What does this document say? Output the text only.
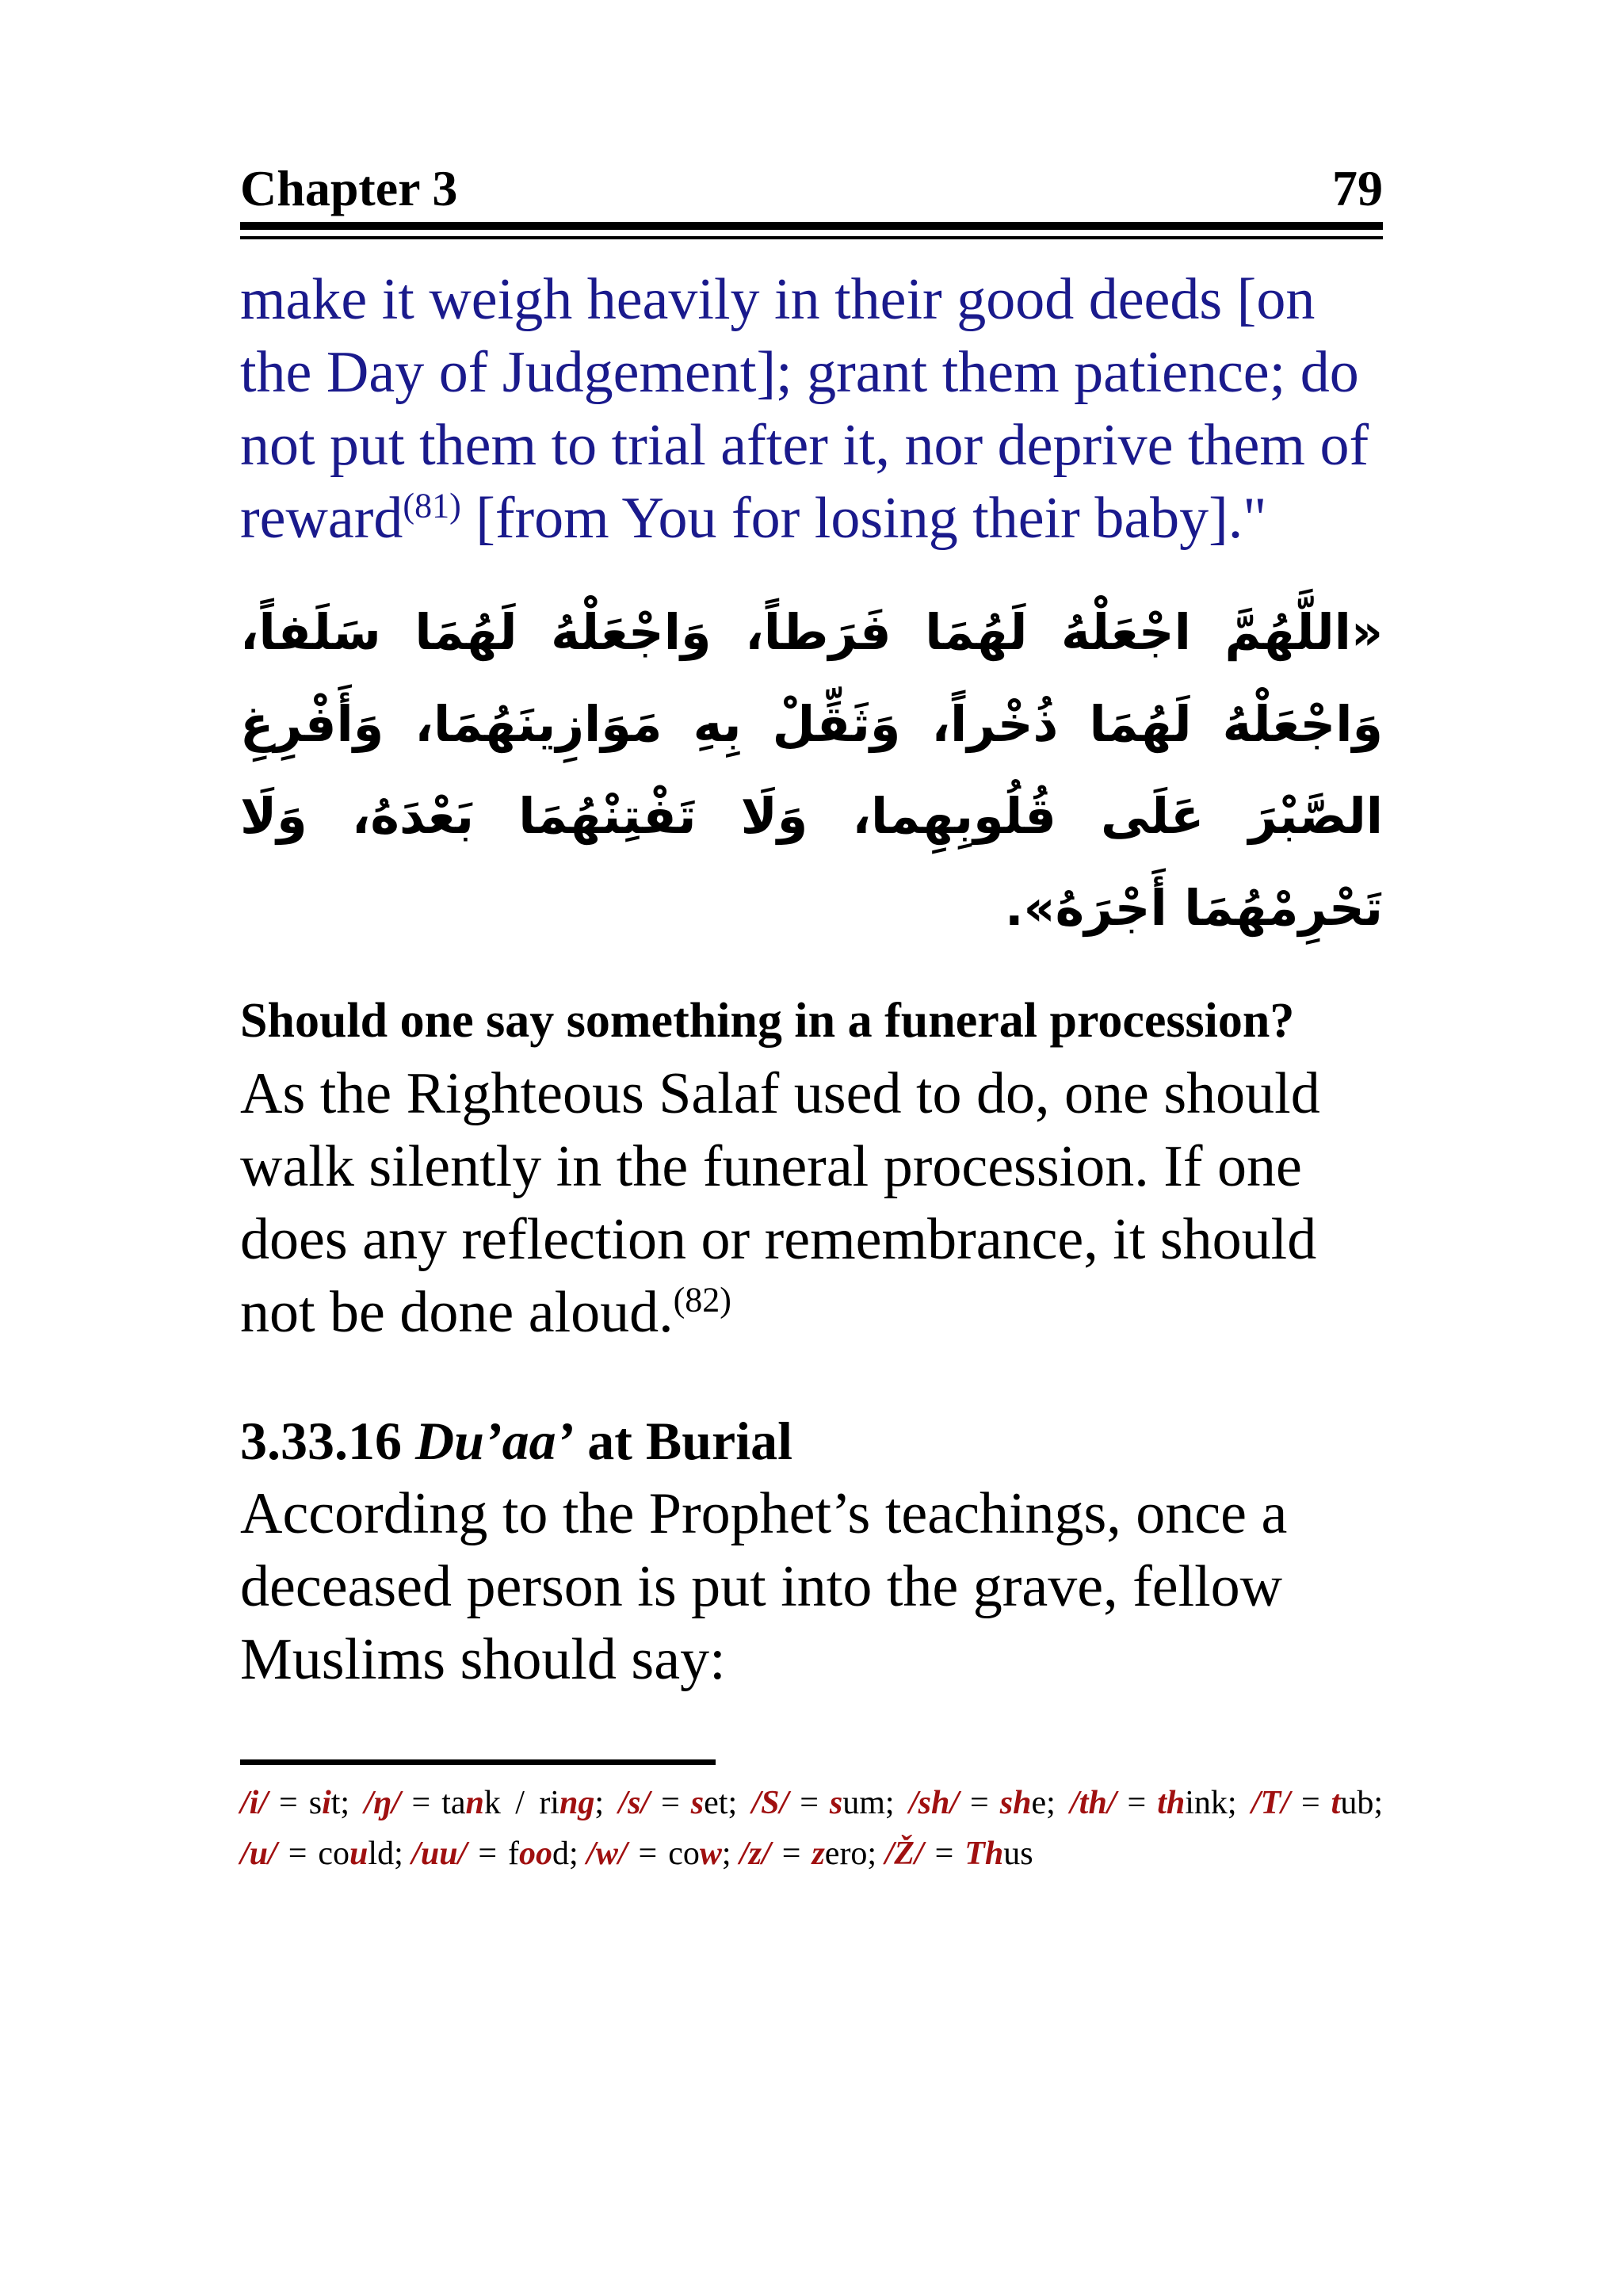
Chapter 3	79
make it weigh heavily in their good deeds [on the Day of Judgement]; grant them patience; do not put them to trial after it, nor deprive them of reward$^{(81)}$ [from You for losing their baby]."
«اللَّهُمَّ اجْعَلْهُ لَهُمَا فَرَطاً، وَاجْعَلْهُ لَهُمَا سَلَفاً، وَاجْعَلْهُ لَهُمَا ذُخْراً، وَثَقِّلْ بِهِ مَوَازِينَهُمَا، وَأَفْرِغِ الصَّبْرَ عَلَى قُلُوبِهِما، وَلَا تَفْتِنْهُمَا بَعْدَهُ، وَلَا تَحْرِمْهُمَا أَجْرَهُ».
Should one say something in a funeral procession?
As the Righteous Salaf used to do, one should walk silently in the funeral procession. If one does any reflection or remembrance, it should not be done aloud.$^{(82)}$
3.33.16 Du’aa’ at Burial
According to the Prophet’s teachings, once a deceased person is put into the grave, fellow Muslims should say:
/i/ = sit; /ŋ/ = tank / ring; /s/ = set; /S/ = sum; /sh/ = she; /th/ = think; /T/ = tub; /u/ = could; /uu/ = food; /w/ = cow; /z/ = zero; /Ž/ = Thus
